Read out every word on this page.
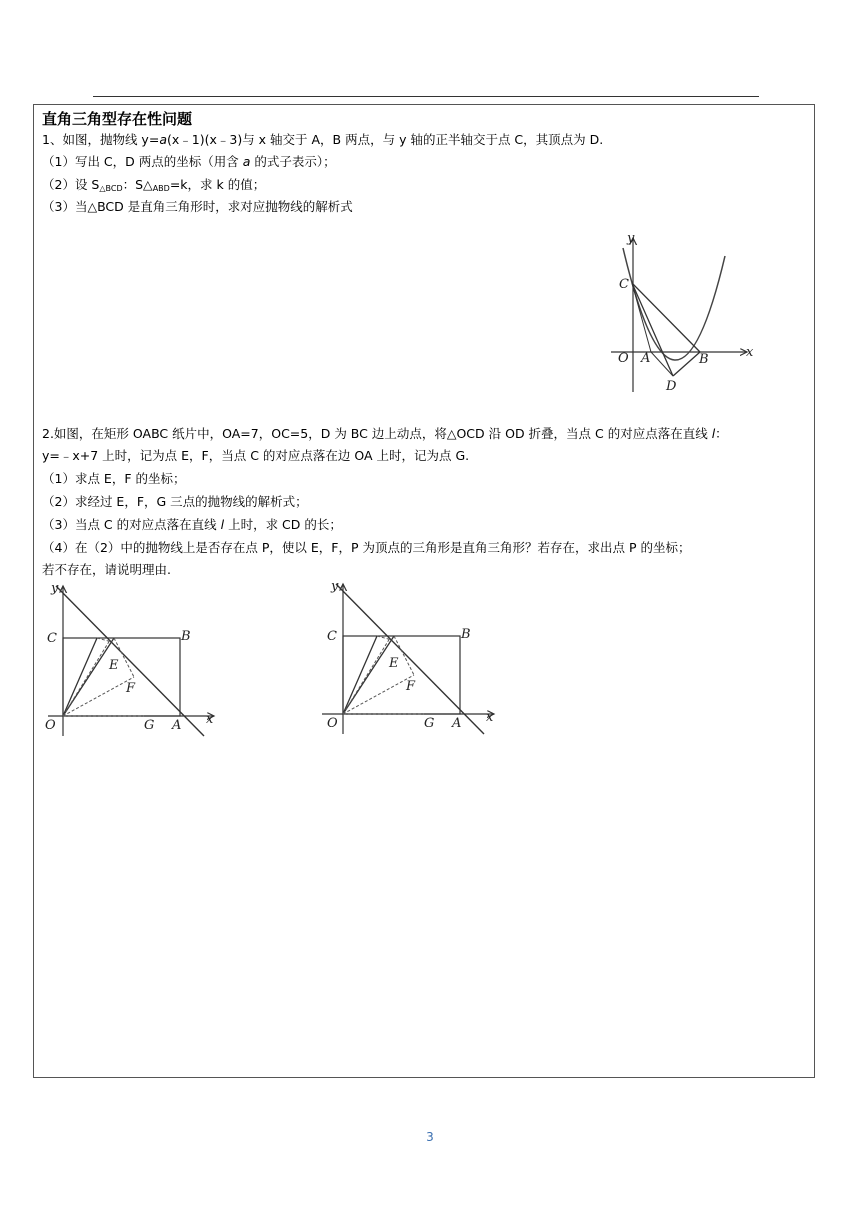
直角三角型存在性问题
1、如图，抛物线 y=a(x﹣1)(x﹣3)与 x 轴交于 A，B 两点，与 y 轴的正半轴交于点 C，其顶点为 D.
（1）写出 C，D 两点的坐标（用含 a 的式子表示）；
（2）设 $S_{\triangle BCD}$：$S\triangle_{ABD}=k$，求 k 的值；
（3）当△BCD 是直角三角形时，求对应抛物线的解析式
y
x
O A	B
C
D
2.如图，在矩形 OABC 纸片中，OA=7，OC=5，D 为 BC 边上动点，将△OCD 沿 OD 折叠，当点 C 的对应点落在直线 l：
y=﹣x+7 上时，记为点 E，F，当点 C 的对应点落在边 OA 上时，记为点 G.
（1）求点 E，F 的坐标；
（2）求经过 E，F，G 三点的抛物线的解析式；
（3）当点 C 的对应点落在直线 l 上时，求 CD 的长；
（4）在（2）中的抛物线上是否存在点 P，使以 E，F，P 为顶点的三角形是直角三角形？若存在，求出点 P 的坐标；
若不存在，请说明理由.
y
x
O	G A
C	B
E
F
y
x
O	G A
C	B
E
F
3
